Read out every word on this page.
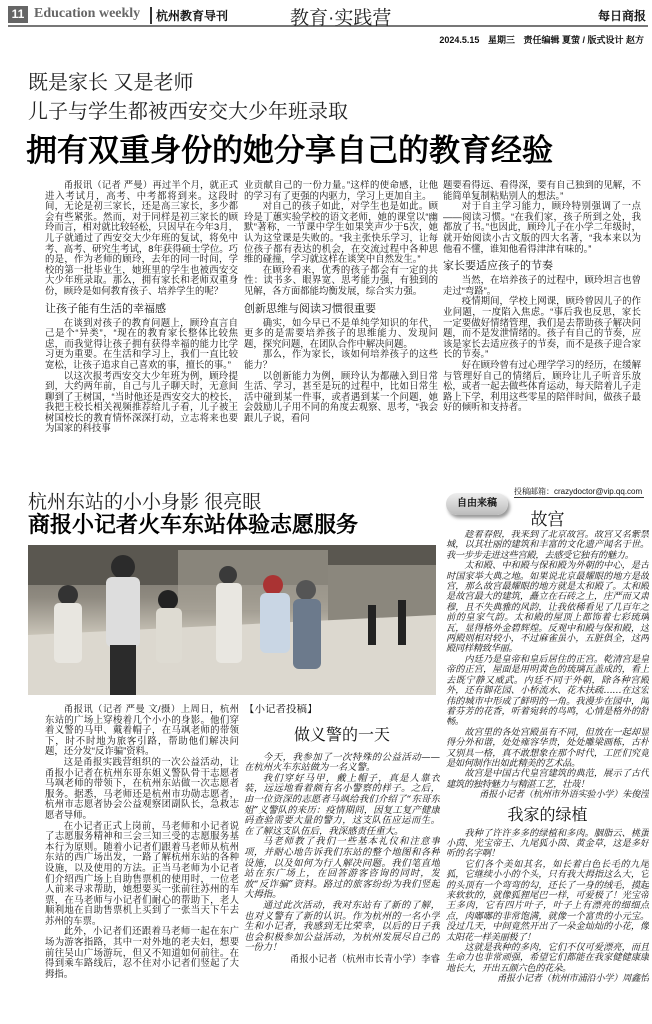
11 Education weekly	杭州教育导刊	教育·实践营	每日商报
2024.5.15 星期三 责任编辑 夏萤 / 版式设计 赵方
既是家长 又是老师
儿子与学生都被西安交大少年班录取
拥有双重身份的她分享自己的教育经验

甬报讯（记者 严曼）再过半个月，就正式进入考试月，高考、中考都将到来。这段时间，无论是初三家长，还是高三家长，多少都会有些紧张。然而，对于同样是初三家长的顾玲而言，相对就比较轻松，只因早在今年3月，儿子就通过了西安交大少年班的复试，将免中考、高考、研究生考试，8年获得硕士学位。巧的是，作为老师的顾玲，去年的同一时间，学校的第一批毕业生，她班里的学生也被西安交大少年班录取。那么，拥有家长和老师双重身份，顾玲是如何教育孩子、培养学生的呢？

让孩子能有生活的幸福感

在谈到对孩子的教育问题上，顾玲直言自己是个“异类”，“现在的教育家长整体比较焦虑，而我觉得让孩子拥有获得幸福的能力比学习更为重要。在生活和学习上，我们一直比较宽松，让孩子追求自己喜欢的事，擅长的事。”

以这次报考西安交大少年班为例，顾玲提到，大约两年前，自己与儿子聊天时，无意间聊到了王树国，“当时他还是西安交大的校长，我把王校长相关视频推荐给儿子看，儿子被王树国校长的教育情怀深深打动，立志将来也要为国家的科技事

业贡献自己的一份力量。”这样的使命感，让他的学习有了更强的内驱力，学习上更加自主。

对自己的孩子如此，对学生也是如此。顾玲是丁蕙实验学校的语文老师，她的课堂以“幽默”著称，一节课中学生如果笑声少于5次，她认为这堂课是失败的。“我主张快乐学习，让每位孩子都有表达的机会，在交流过程中各种思维的碰撞，学习就这样在谈笑中自然发生。”

在顾玲看来，优秀的孩子都会有一定的共性：读书多、眼界宽、思考能力强，有独到的见解，各方面都能均衡发展，综合实力强。

创新思维与阅读习惯很重要

确实，如今早已不是单纯学知识的年代，更多的是需要培养孩子的思维能力、发现问题，探究问题，在团队合作中解决问题。

那么，作为家长，该如何培养孩子的这些能力？

以创新能力为例，顾玲认为都融入到日常生活、学习，甚至是玩的过程中，比如日常生活中碰到某一件事，或者遇到某一个问题，她会鼓励儿子用不同的角度去观察、思考，“我会跟儿子说，看问

题要看得远、看得深，要有自己独到的见解，不能简单复制粘贴别人的想法。”

对于自主学习能力，顾玲特别强调了一点——阅读习惯。“在我们家，孩子所到之处，我都放了书。”也因此，顾玲儿子在小学二年级时，就开始阅读小古文版的四大名著，“我本来以为他看不懂，谁知他看得津津有味的。”

家长要适应孩子的节奏

当然，在培养孩子的过程中，顾玲坦言也曾走过“弯路”。

疫情期间，学校上网课，顾玲曾因儿子的作业问题，一度陷入焦虑。“事后我也反思，家长一定要做好情绪管理，我们是去帮助孩子解决问题，而不是发泄情绪的。孩子有自己的节奏，应该是家长去适应孩子的节奏，而不是孩子迎合家长的节奏。”

好在顾玲曾有过心理学学习的经历，在缓解与管理好自己的情绪后，顾玲让儿子听音乐放松，或者一起去做些体育运动，每天陪着儿子走路上下学，利用这些零星的陪伴时间，做孩子最好的倾听和支持者。

杭州东站的小小身影 很亮眼
商报小记者火车东站体验志愿服务

甬报讯（记者 严曼 文/摄）上周日，杭州东站的广场上穿梭着几个小小的身影。他们穿着义警的马甲、戴着帽子，在马飒老师的带领下，时不时地为旅客引路，帮助他们解决问题，还分发“反诈骗”资料。

这是甬报实践营组织的一次公益活动，让甬报小记者在杭州东哥东姐义警队骨干志愿者马飒老师的带领下，在杭州东站做一次志愿者服务。据悉，马老师还是杭州市功勋志愿者，杭州市志愿者协会公益观察团副队长，急救志愿者导师。

在小记者正式上岗前，马老师和小记者说了志愿服务精神和三会三知三受的志愿服务基本行为原则。随着小记者们跟着马老师从杭州东站的西广场出发，一路了解杭州东站的各种设施，以及使用的方法。正当马老师为小记者们介绍西广场上自助售票机的使用时，一位老人前来寻求帮助，她想要买一张前往苏州的车票，在马老师与小记者们耐心的帮助下，老人顺利地在自助售票机上买到了一张当天下午去苏州的车票。

此外，小记者们还跟着马老师一起在东广场为游客指路，其中一对外地的老夫妇，想要前往吴山广场游玩，但又不知道如何前往。在得到乘车路线后，忍不住对小记者们竖起了大拇指。

【小记者投稿】

做义警的一天

今天，我参加了一次特殊的公益活动——在杭州火车东站做为一名义警。

我们穿好马甲，戴上帽子，真是人靠衣装，远远地看着颇有名小警察的样子。之后，由一位资深的志愿者马飒给我们介绍了“东哥东姐”义警队的来历：疫情期间，因复工复产健康码查验需要大量的警力，这支队伍应运而生。在了解这支队伍后，我深感责任重大。

马老师教了我们一些基本礼仪和注意事项，并耐心地告诉我们东站的整个地图和各种设施，以及如何为行人解决问题。我们笔直地站在东广场上，在回答游客咨询的同时，发放“反诈骗”资料。路过的旅客纷纷为我们竖起大拇指。

通过此次活动，我对东站有了新的了解，也对义警有了新的认识。作为杭州的一名小学生和小记者，我感到无比荣幸，以后的日子我也会积极参加公益活动，为杭州发展尽自己的一份力！

甬报小记者（杭州市长青小学）李睿

自由来稿
投稿邮箱：crazydoctor@vip.qq.com
故宫

趁着春假，我来到了北京故宫。故宫又名紫禁城，以其壮丽的建筑和丰富的文化遗产闻名于世。我一步步走进这些宫殿，去感受它独有的魅力。

太和殿、中和殿与保和殿为外朝的中心，是古时国家举大典之地。如果说北京最耀眼的地方是故宫，那么故宫最耀眼的地方就是太和殿了。太和殿是故宫最大的建筑，矗立在石砖之上，庄严而又肃穆，且不失典雅的风韵，让我依稀看见了几百年之前的皇家气韵。太和殿的屋顶上都饰着七彩琉璃瓦，显得格外金碧辉煌。反观中和殿与保和殿，这两殿则相对较小，不过麻雀虽小，五脏俱全，这两殿同样精致华丽。

内廷乃是皇帝和皇后居住的正宫。乾清宫是皇帝的正宫，屋面是用明黄色的琉璃瓦盖成的，看上去既宁静又威武。内廷不同于外朝，除各种宫殿外，还有御花园、小桥流水、花木扶疏……在这宏伟的城市中形成了鲜明的一角。我漫步在园中，闻着芬芳的花香，听着宛转的鸟鸣，心情是格外的舒畅。

故宫里的各处宫殿虽有不同，但放在一起却显得分外和谐，处处雍容华贵，处处雕梁画栋，古朴又别具一格，真不敢想象在那个时代，工匠们究竟是如何制作出如此精美的艺术品。

故宫是中国古代皇宫建筑的典范，展示了古代建筑的独特魅力与精湛工艺，壮哉！

甬报小记者（杭州市外语实验小学）朱俊滢

我家的绿植

我种了许许多多的绿植和多肉。胭脂云、桃蛋小茵、光宝帝王、九尾狐小茵、黄金草，这是多好听的名字啊！

它们各个美如其名，如长着白色长毛的九尾狐，它继续小小的个头，只有我大拇指这么大，它的头顶有一个弯弯的勾，还长了一身的绒毛，摸起来软软的，就像狐狸尾巴一样，可爱极了！光宝帝王多肉，它有四片叶子，叶子上有漂亮的细细点点，肉嘟嘟的非常饱满，就像一个富贵的小元宝。没过几天，中间竟然开出了一朵金灿灿的小花，像太阳花一样美丽极了！

这就是我种的多肉，它们不仅可爱漂亮，而且生命力也非常顽强，希望它们都能在我家健健康康地长大，开出五颜六色的花朵。

甬报小记者（杭州市浦沿小学）周鑫怡
